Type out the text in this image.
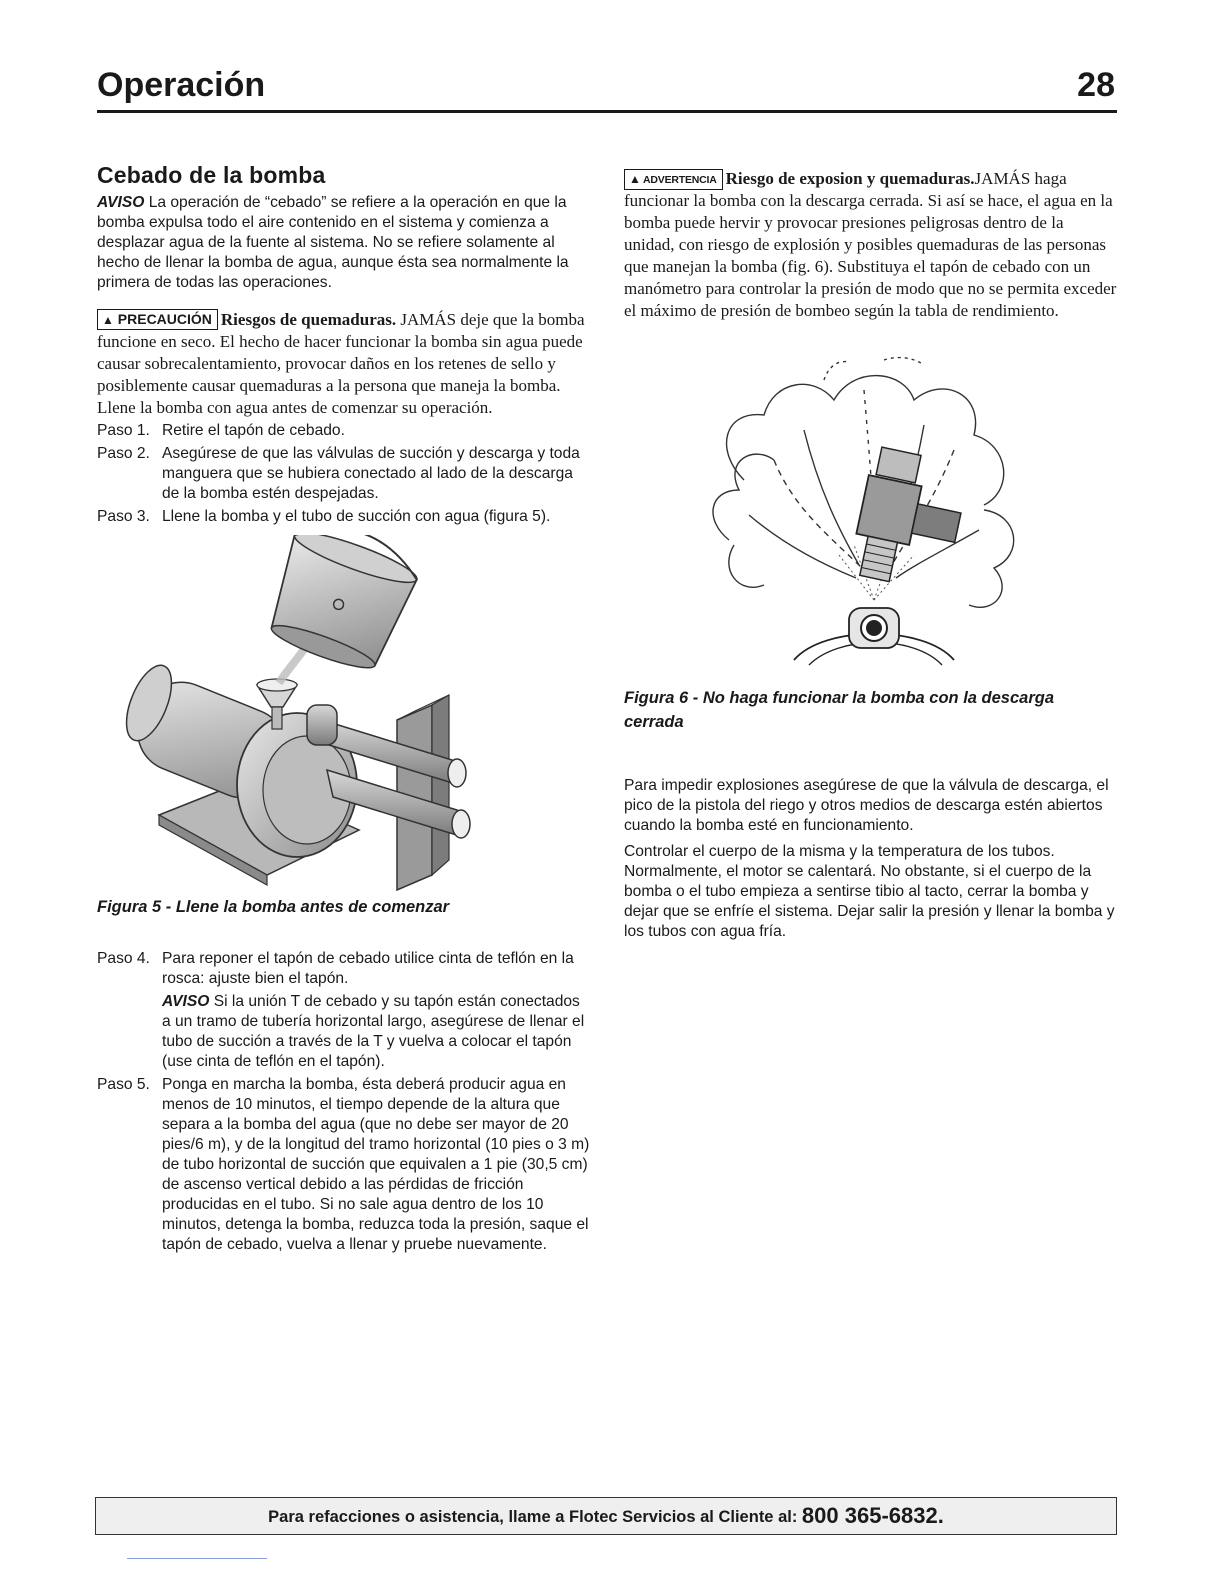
Operación	28
Cebado de la bomba

AVISO La operación de “cebado” se refiere a la operación en que la bomba expulsa todo el aire contenido en el sistema y comienza a desplazar agua de la fuente al sistema. No se refiere solamente al hecho de llenar la bomba de agua, aunque ésta sea normalmente la primera de todas las operaciones.

▲ PRECAUCIÓN Riesgos de quemaduras. JAMÁS deje que la bomba funcione en seco. El hecho de hacer funcionar la bomba sin agua puede causar sobrecalentamiento, provocar daños en los retenes de sello y posiblemente causar quemaduras a la persona que maneja la bomba. Llene la bomba con agua antes de comenzar su operación.

Paso 1. Retire el tapón de cebado.
Paso 2. Asegúrese de que las válvulas de succión y descarga y toda manguera que se hubiera conectado al lado de la descarga de la bomba estén despejadas.
Paso 3. Llene la bomba y el tubo de succión con agua (figura 5).

Figura 5 - Llene la bomba antes de comenzar

Paso 4. Para reponer el tapón de cebado utilice cinta de teflón en la rosca: ajuste bien el tapón.
AVISO Si la unión T de cebado y su tapón están conectados a un tramo de tubería horizontal largo, asegúrese de llenar el tubo de succión a través de la T y vuelva a colocar el tapón (use cinta de teflón en el tapón).
Paso 5. Ponga en marcha la bomba, ésta deberá producir agua en menos de 10 minutos, el tiempo depende de la altura que separa a la bomba del agua (que no debe ser mayor de 20 pies/6 m), y de la longitud del tramo horizontal (10 pies o 3 m) de tubo horizontal de succión que equivalen a 1 pie (30,5 cm) de ascenso vertical debido a las pérdidas de fricción producidas en el tubo. Si no sale agua dentro de los 10 minutos, detenga la bomba, reduzca toda la presión, saque el tapón de cebado, vuelva a llenar y pruebe nuevamente.

▲ ADVERTENCIA Riesgo de exposion y quemaduras.JAMÁS haga funcionar la bomba con la descarga cerrada. Si así se hace, el agua en la bomba puede hervir y provocar presiones peligrosas dentro de la unidad, con riesgo de explosión y posibles quemaduras de las personas que manejan la bomba (fig. 6). Substituya el tapón de cebado con un manómetro para controlar la presión de modo que no se permita exceder el máximo de presión de bombeo según la tabla de rendimiento.

Figura 6 - No haga funcionar la bomba con la descarga cerrada

Para impedir explosiones asegúrese de que la válvula de descarga, el pico de la pistola del riego y otros medios de descarga estén abiertos cuando la bomba esté en funcionamiento.

Controlar el cuerpo de la misma y la temperatura de los tubos. Normalmente, el motor se calentará. No obstante, si el cuerpo de la bomba o el tubo empieza a sentirse tibio al tacto, cerrar la bomba y dejar que se enfríe el sistema. Dejar salir la presión y llenar la bomba y los tubos con agua fría.

Para refacciones o asistencia, llame a Flotec Servicios al Cliente al: 800 365-6832.
